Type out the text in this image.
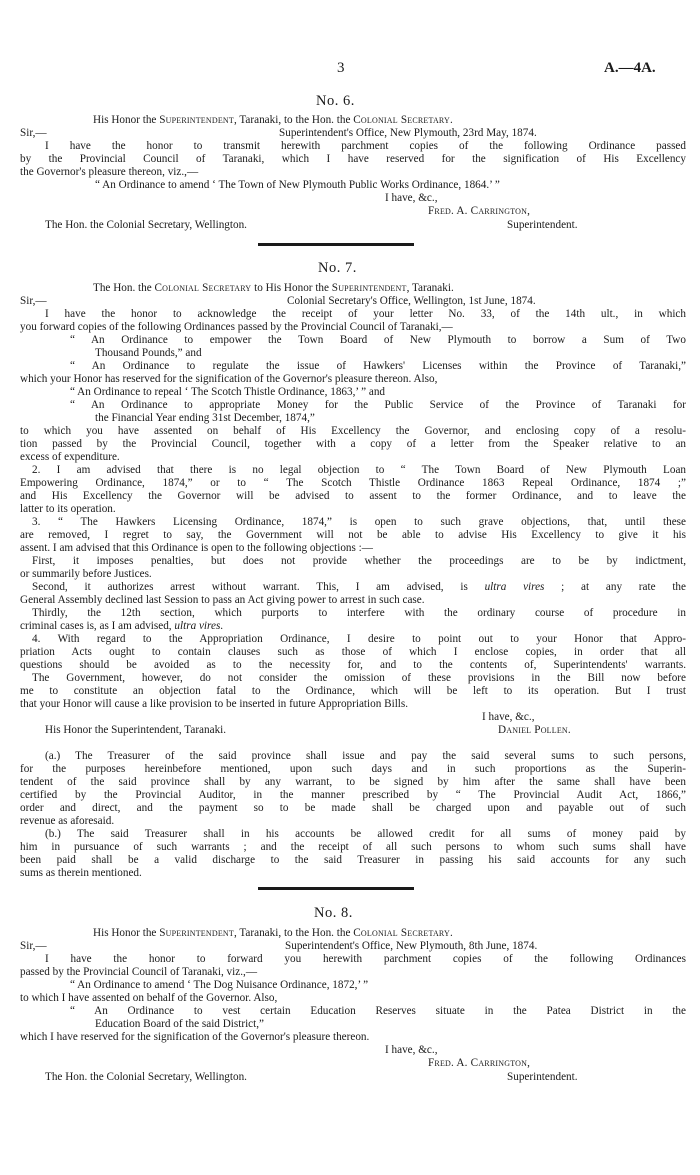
3	A.—4A.
No. 6.
His Honor the Superintendent, Taranaki, to the Hon. the Colonial Secretary.
Sir,—	Superintendent's Office, New Plymouth, 23rd May, 1874.
I have the honor to transmit herewith parchment copies of the following Ordinance passed
by the Provincial Council of Taranaki, which I have reserved for the signification of His Excellency
the Governor's pleasure thereon, viz.,—
“ An Ordinance to amend ‘ The Town of New Plymouth Public Works Ordinance, 1864.’ ”
I have, &c.,
Fred. A. Carrington,
The Hon. the Colonial Secretary, Wellington.	Superintendent.
No. 7.
The Hon. the Colonial Secretary to His Honor the Superintendent, Taranaki.
Sir,—	Colonial Secretary's Office, Wellington, 1st June, 1874.
I have the honor to acknowledge the receipt of your letter No. 33, of the 14th ult., in which
you forward copies of the following Ordinances passed by the Provincial Council of Taranaki,—
“ An Ordinance to empower the Town Board of New Plymouth to borrow a Sum of Two
Thousand Pounds,” and
“ An Ordinance to regulate the issue of Hawkers' Licenses within the Province of Taranaki,”
which your Honor has reserved for the signification of the Governor's pleasure thereon. Also,
“ An Ordinance to repeal ‘ The Scotch Thistle Ordinance, 1863,’ ” and
“ An Ordinance to appropriate Money for the Public Service of the Province of Taranaki for
the Financial Year ending 31st December, 1874,”
to which you have assented on behalf of His Excellency the Governor, and enclosing copy of a resolu-
tion passed by the Provincial Council, together with a copy of a letter from the Speaker relative to an
excess of expenditure.
2. I am advised that there is no legal objection to “ The Town Board of New Plymouth Loan
Empowering Ordinance, 1874,” or to “ The Scotch Thistle Ordinance 1863 Repeal Ordinance, 1874 ;”
and His Excellency the Governor will be advised to assent to the former Ordinance, and to leave the
latter to its operation.
3. “ The Hawkers Licensing Ordinance, 1874,” is open to such grave objections, that, until these
are removed, I regret to say, the Government will not be able to advise His Excellency to give it his
assent. I am advised that this Ordinance is open to the following objections :—
First, it imposes penalties, but does not provide whether the proceedings are to be by indictment,
or summarily before Justices.
Second, it authorizes arrest without warrant. This, I am advised, is ultra vires ; at any rate the
General Assembly declined last Session to pass an Act giving power to arrest in such case.
Thirdly, the 12th section, which purports to interfere with the ordinary course of procedure in
criminal cases is, as I am advised, ultra vires.
4. With regard to the Appropriation Ordinance, I desire to point out to your Honor that Appro-
priation Acts ought to contain clauses such as those of which I enclose copies, in order that all
questions should be avoided as to the necessity for, and to the contents of, Superintendents' warrants.
The Government, however, do not consider the omission of these provisions in the Bill now before
me to constitute an objection fatal to the Ordinance, which will be left to its operation. But I trust
that your Honor will cause a like provision to be inserted in future Appropriation Bills.
I have, &c.,
His Honor the Superintendent, Taranaki.	Daniel Pollen.
(a.) The Treasurer of the said province shall issue and pay the said several sums to such persons,
for the purposes hereinbefore mentioned, upon such days and in such proportions as the Superin-
tendent of the said province shall by any warrant, to be signed by him after the same shall have been
certified by the Provincial Auditor, in the manner prescribed by “ The Provincial Audit Act, 1866,”
order and direct, and the payment so to be made shall be charged upon and payable out of such
revenue as aforesaid.
(b.) The said Treasurer shall in his accounts be allowed credit for all sums of money paid by
him in pursuance of such warrants ; and the receipt of all such persons to whom such sums shall have
been paid shall be a valid discharge to the said Treasurer in passing his said accounts for any such
sums as therein mentioned.
No. 8.
His Honor the Superintendent, Taranaki, to the Hon. the Colonial Secretary.
Sir,—	Superintendent's Office, New Plymouth, 8th June, 1874.
I have the honor to forward you herewith parchment copies of the following Ordinances
passed by the Provincial Council of Taranaki, viz.,—
“ An Ordinance to amend ‘ The Dog Nuisance Ordinance, 1872,’ ”
to which I have assented on behalf of the Governor. Also,
“ An Ordinance to vest certain Education Reserves situate in the Patea District in the
Education Board of the said District,”
which I have reserved for the signification of the Governor's pleasure thereon.
I have, &c.,
Fred. A. Carrington,
The Hon. the Colonial Secretary, Wellington.	Superintendent.
